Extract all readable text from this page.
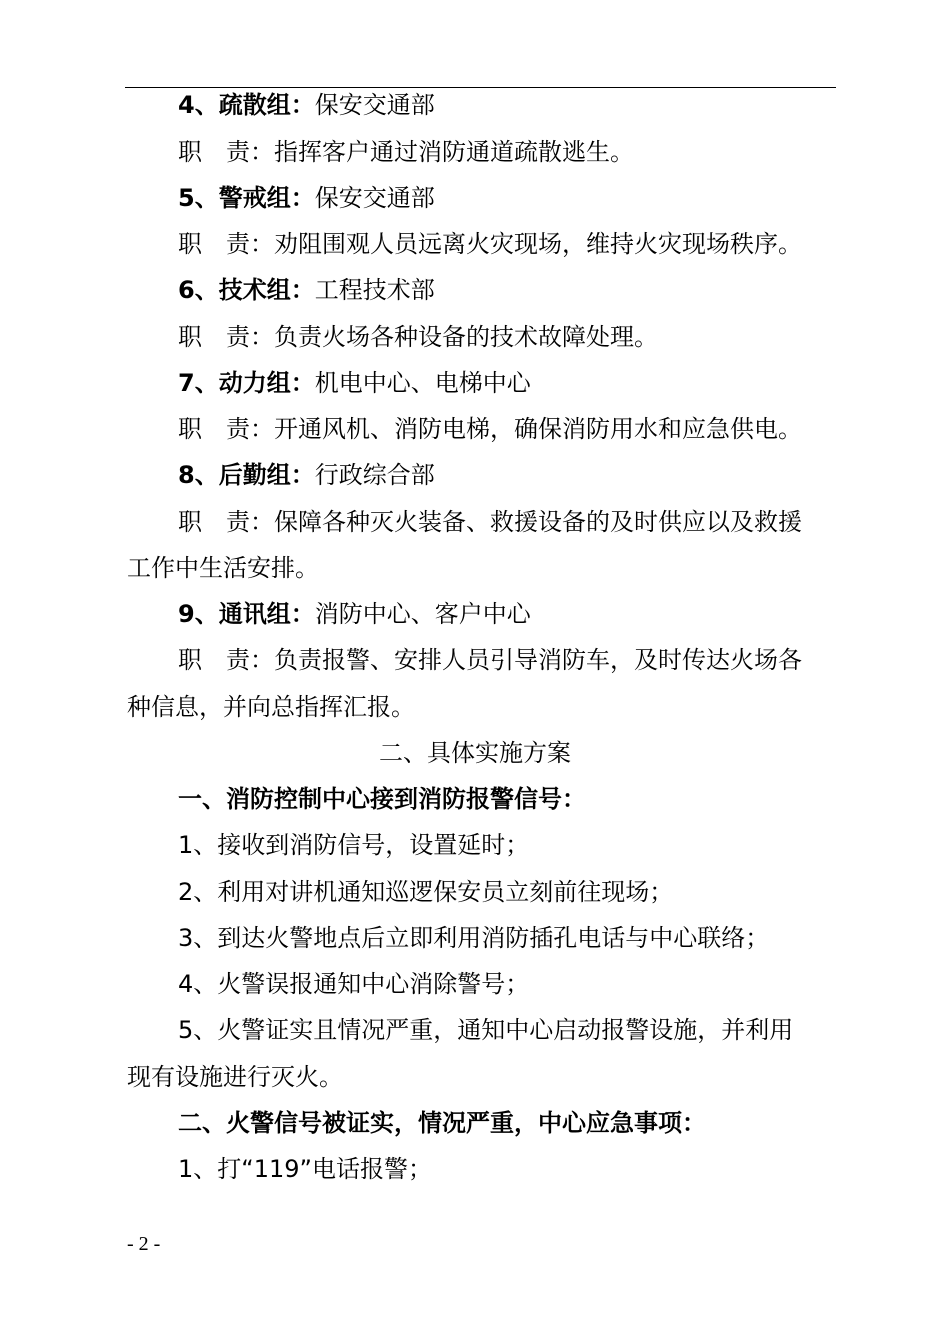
4、疏散组：保安交通部
职　责：指挥客户通过消防通道疏散逃生。
5、警戒组：保安交通部
职　责：劝阻围观人员远离火灾现场，维持火灾现场秩序。
6、技术组：工程技术部
职　责：负责火场各种设备的技术故障处理。
7、动力组：机电中心、电梯中心
职　责：开通风机、消防电梯，确保消防用水和应急供电。
8、后勤组：行政综合部
职　责：保障各种灭火装备、救援设备的及时供应以及救援
工作中生活安排。
9、通讯组：消防中心、客户中心
职　责：负责报警、安排人员引导消防车，及时传达火场各
种信息，并向总指挥汇报。
二、具体实施方案
一、消防控制中心接到消防报警信号：
1、接收到消防信号，设置延时；
2、利用对讲机通知巡逻保安员立刻前往现场；
3、到达火警地点后立即利用消防插孔电话与中心联络；
4、火警误报通知中心消除警号；
5、火警证实且情况严重，通知中心启动报警设施，并利用
现有设施进行灭火。
二、火警信号被证实，情况严重，中心应急事项：
1、打“119”电话报警；
- 2 -
